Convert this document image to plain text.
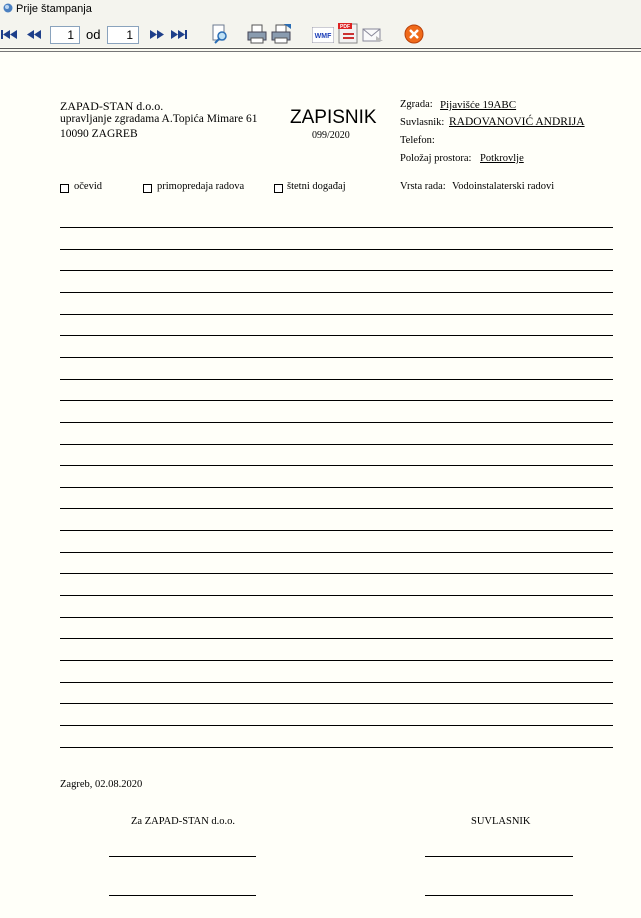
Prije štampanja
1 od	1	WMF
PDF
ZAPAD-STAN d.o.o.
upravljanje zgradama A.Topića Mimare 61
10090 ZAGREB
ZAPISNIK
099/2020
Zgrada: Pijavišće 19ABC
Suvlasnik: RADOVANOVIĆ ANDRIJA
Telefon:
Položaj prostora: Potkrovlje
očevid	primopredaja radova	štetni događaj	Vrsta rada: Vodoinstalaterski radovi
Zagreb, 02.08.2020
Za ZAPAD-STAN d.o.o.	SUVLASNIK
